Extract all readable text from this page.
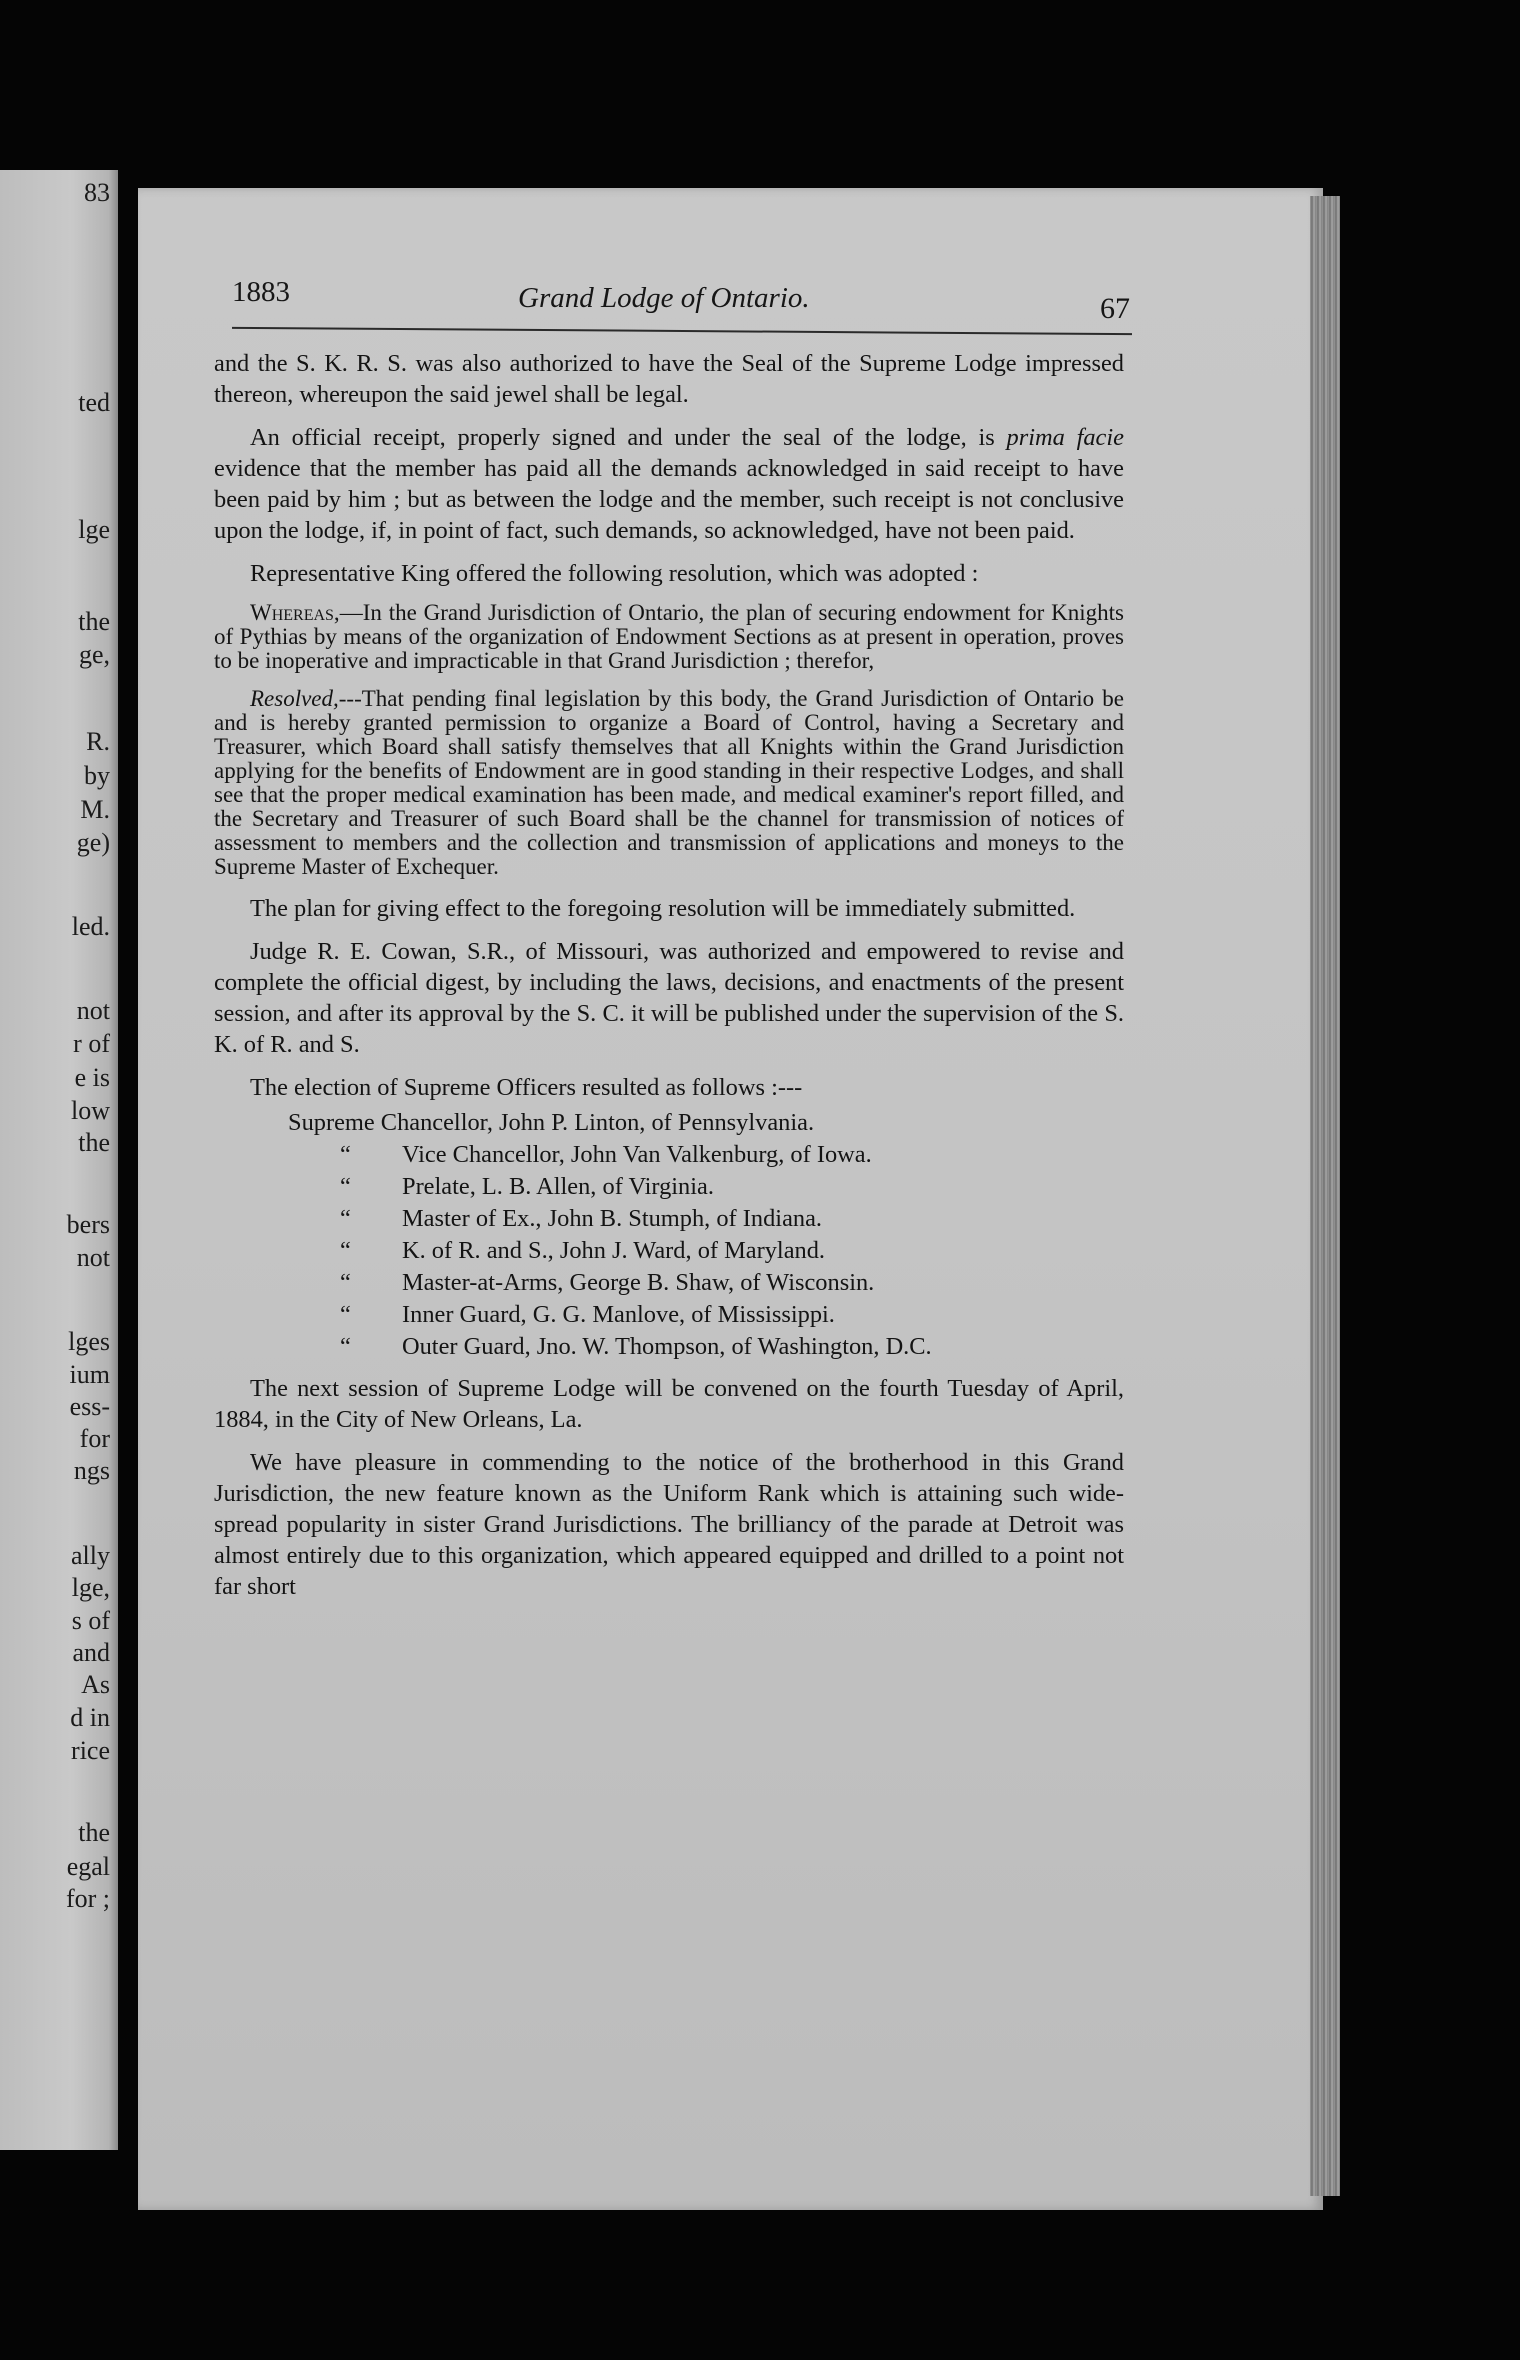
83

ted

lge

the

ge,

R.

by

M.

ge)

led.

not

r of

e is

low

the

bers

not

lges

ium

ess-

for

ngs

ally

lge,

s of

and

As

d in

rice

the

egal

for ;

1883	Grand Lodge of Ontario.	67

and the S. K. R. S. was also authorized to have the Seal of the Supreme Lodge impressed thereon, whereupon the said jewel shall be legal.

An official receipt, properly signed and under the seal of the lodge, is prima facie evidence that the member has paid all the demands acknowledged in said receipt to have been paid by him ; but as between the lodge and the member, such receipt is not conclusive upon the lodge, if, in point of fact, such demands, so acknowledged, have not been paid.

Representative King offered the following resolution, which was adopted :

Whereas,—In the Grand Jurisdiction of Ontario, the plan of securing endowment for Knights of Pythias by means of the organization of Endowment Sections as at present in operation, proves to be inoperative and impracticable in that Grand Jurisdiction ; therefor,

Resolved,---That pending final legislation by this body, the Grand Jurisdiction of Ontario be and is hereby granted permission to organize a Board of Control, having a Secretary and Treasurer, which Board shall satisfy themselves that all Knights within the Grand Jurisdiction applying for the benefits of Endowment are in good standing in their respective Lodges, and shall see that the proper medical examination has been made, and medical examiner's report filled, and the Secretary and Treasurer of such Board shall be the channel for transmission of notices of assessment to members and the collection and transmission of applications and moneys to the Supreme Master of Exchequer.

The plan for giving effect to the foregoing resolution will be immediately submitted.

Judge R. E. Cowan, S.R., of Missouri, was authorized and empowered to revise and complete the official digest, by including the laws, decisions, and enactments of the present session, and after its approval by the S. C. it will be published under the supervision of the S. K. of R. and S.

The election of Supreme Officers resulted as follows :---

Supreme Chancellor, John P. Linton, of Pennsylvania.
“ Vice Chancellor, John Van Valkenburg, of Iowa.
“ Prelate, L. B. Allen, of Virginia.
“ Master of Ex., John B. Stumph, of Indiana.
“ K. of R. and S., John J. Ward, of Maryland.
“ Master-at-Arms, George B. Shaw, of Wisconsin.
“ Inner Guard, G. G. Manlove, of Mississippi.
“ Outer Guard, Jno. W. Thompson, of Washington, D.C.

The next session of Supreme Lodge will be convened on the fourth Tuesday of April, 1884, in the City of New Orleans, La.

We have pleasure in commending to the notice of the brotherhood in this Grand Jurisdiction, the new feature known as the Uniform Rank which is attaining such wide-spread popularity in sister Grand Jurisdictions. The brilliancy of the parade at Detroit was almost entirely due to this organization, which appeared equipped and drilled to a point not far short
